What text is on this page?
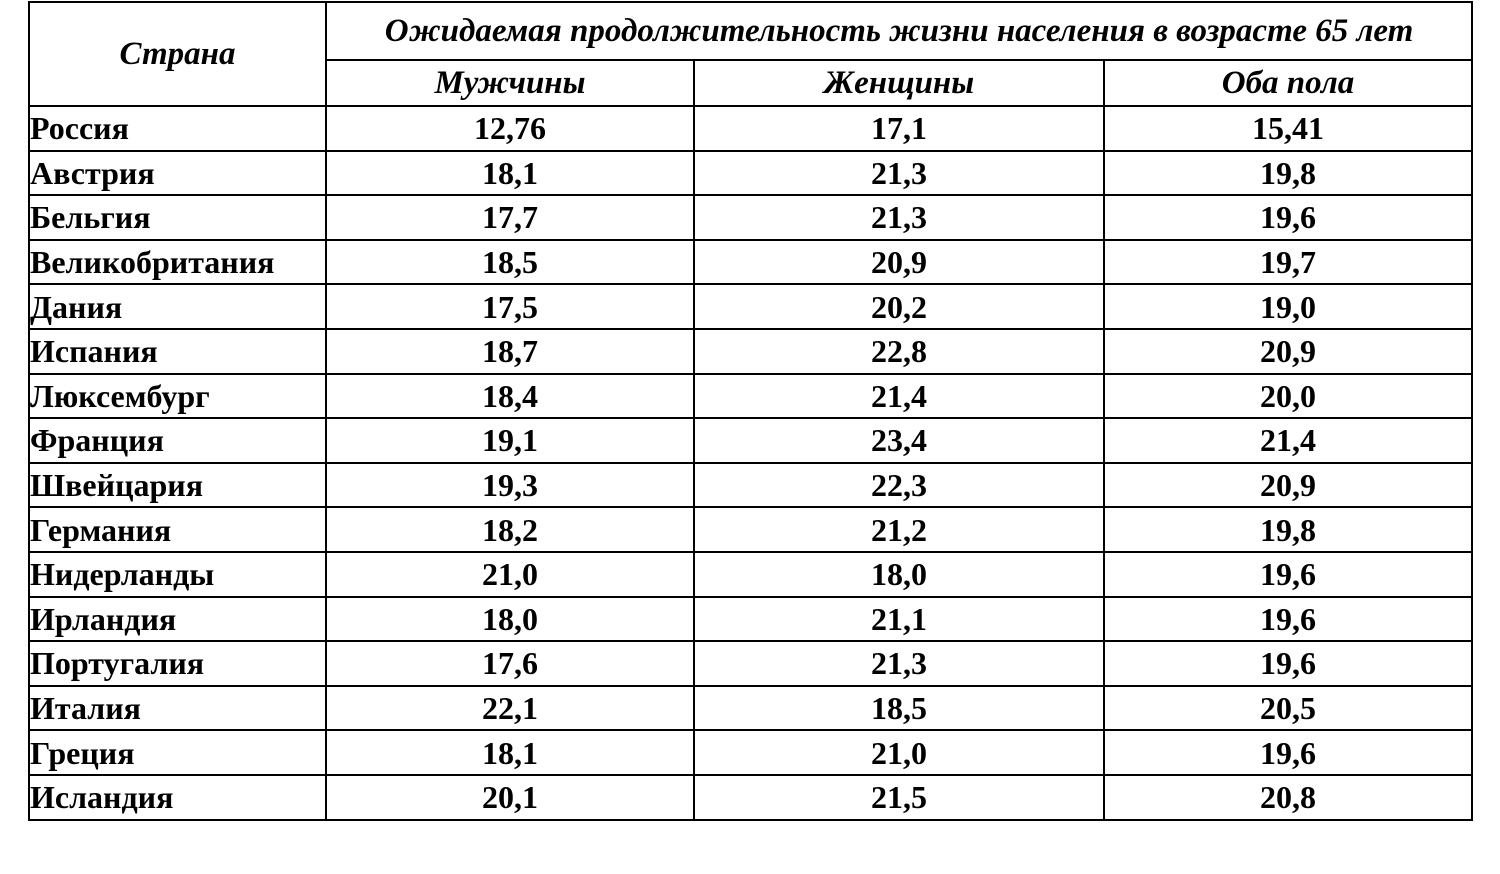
Страна	Ожидаемая продолжительность жизни населения в возрасте 65 лет		
	Мужчины	Женщины	Оба пола
Россия	12,76	17,1	15,41
Австрия	18,1	21,3	19,8
Бельгия	17,7	21,3	19,6
Великобритания	18,5	20,9	19,7
Дания	17,5	20,2	19,0
Испания	18,7	22,8	20,9
Люксембург	18,4	21,4	20,0
Франция	19,1	23,4	21,4
Швейцария	19,3	22,3	20,9
Германия	18,2	21,2	19,8
Нидерланды	21,0	18,0	19,6
Ирландия	18,0	21,1	19,6
Португалия	17,6	21,3	19,6
Италия	22,1	18,5	20,5
Греция	18,1	21,0	19,6
Исландия	20,1	21,5	20,8
